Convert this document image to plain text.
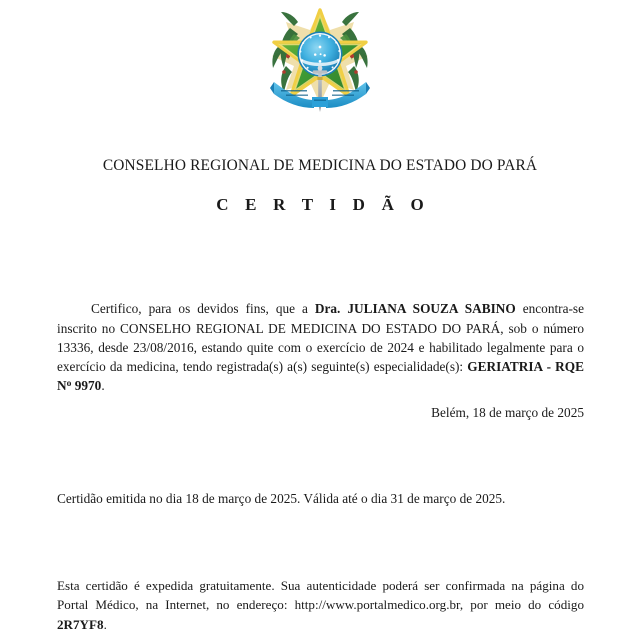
CONSELHO REGIONAL DE MEDICINA DO ESTADO DO PARÁ
C E R T I D Ã O

Certifico, para os devidos fins, que a Dra. JULIANA SOUZA SABINO encontra-se inscrito no CONSELHO REGIONAL DE MEDICINA DO ESTADO DO PARÁ, sob o número 13336, desde 23/08/2016, estando quite com o exercício de 2024 e habilitado legalmente para o exercício da medicina, tendo registrada(s) a(s) seguinte(s) especialidade(s): GERIATRIA - RQE $N^o$ 9970.

Belém, 18 de março de 2025
Certidão emitida no dia 18 de março de 2025. Válida até o dia 31 de março de 2025.

Esta certidão é expedida gratuitamente. Sua autenticidade poderá ser confirmada na página do Portal Médico, na Internet, no endereço: http://www.portalmedico.org.br, por meio do código 2R7YF8.
